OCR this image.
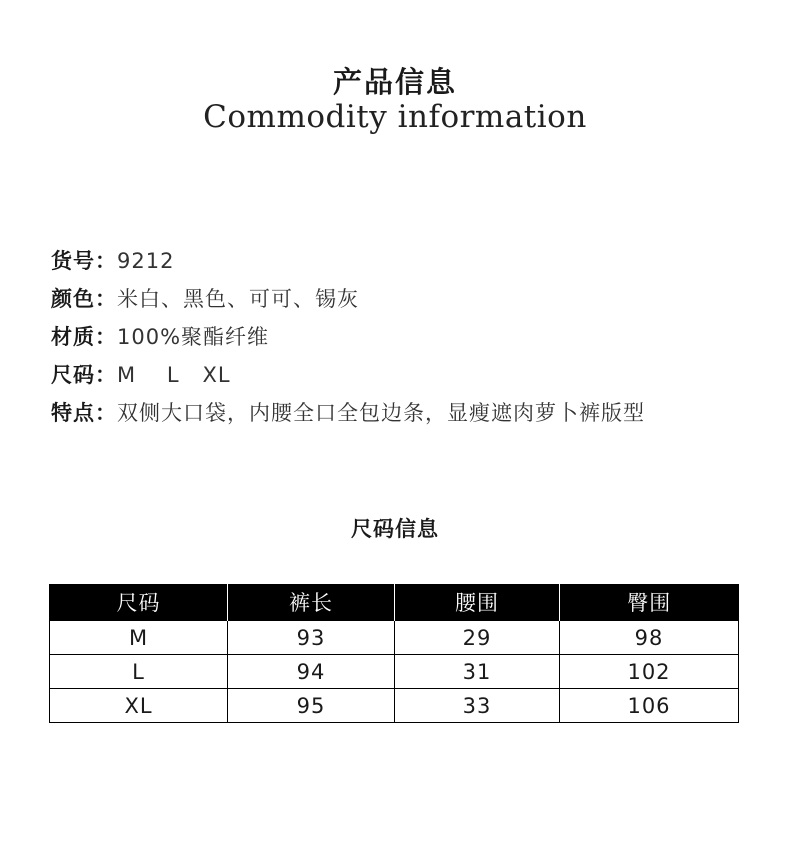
产品信息
Commodity information
货号：9212
颜色：米白、黑色、可可、锡灰
材质：100%聚酯纤维
尺码：M    L   XL
特点：双侧大口袋，内腰全口全包边条，显瘦遮肉萝卜裤版型
尺码信息
尺码	裤长	腰围	臀围
M	93	29	98
L	94	31	102
XL	95	33	106
